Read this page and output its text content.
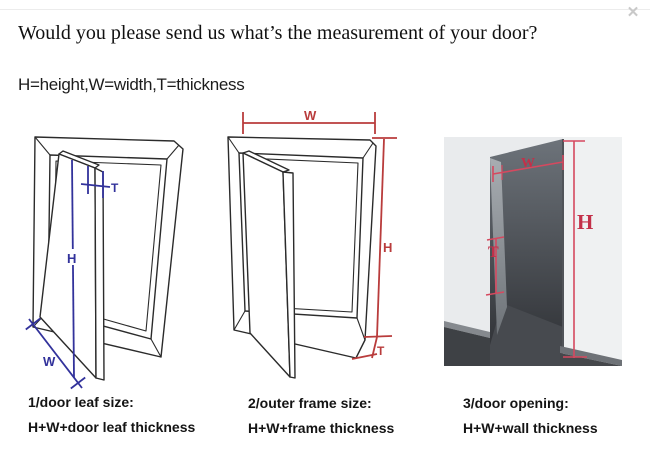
✕
Would you please send us what’s the measurement of your door?
H=height,W=width,T=thickness
T
H
W
W
H
T
W
H
T
1/door leaf size:
H+W+door leaf thickness
2/outer frame size:
H+W+frame thickness
3/door opening:
H+W+wall thickness
